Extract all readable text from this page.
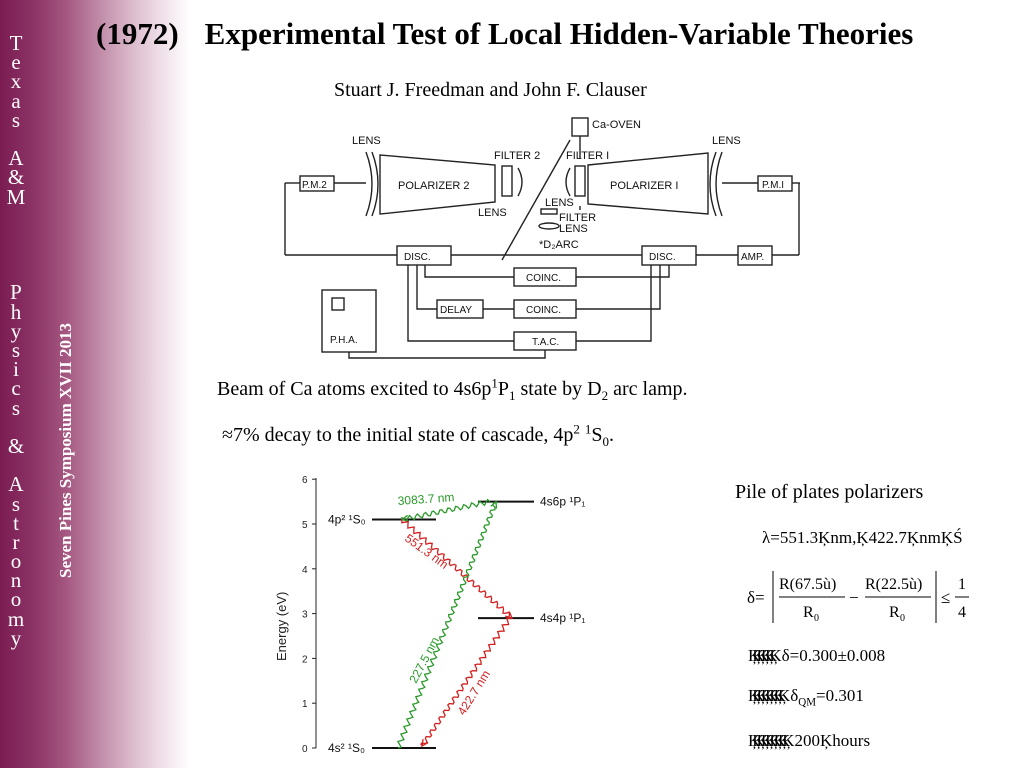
T
e
x
a
s
A
&
M
P
h
y
s
i
c
s
&
A
s
t
r
o
n
o
m
y
Seven Pines Symposium XVII 2013
(1972) Experimental Test of Local Hidden-Variable Theories
Stuart J. Freedman and John F. Clauser
LENS
FILTER 2 FILTER I
Ca-OVEN
LENS
POLARIZER 2	POLARIZER I
P.M.2	P.M.I
LENS
LENS
FILTER
LENS
*D₂ARC
DISC.	DISC.	AMP.
COINC.
COINC.
DELAY
T.A.C.
P.H.A.
Beam of Ca atoms excited to $4s6p^1P_1$ state by $D_2$ arc lamp.
≈7% decay to the initial state of cascade, $4p^2$ $^1S_0$.
0
1
2
3
4
5
6
Energy (eV)
4p² ¹S₀
4s6p ¹P₁
4s4p ¹P₁
4s² ¹S₀
3083.7 nm
551.3 nm
227.5 nm
422.7 nm
Pile of plates polarizers
λ=551.3Ķnm,Ķ422.7ĶnmĶŚ
δ=
R(67.5ù)
R 0
−
R(22.5ù)
R 0
≤
1
4
ĶĶĶĶĶĶ δ=0.300±0.008
ĶĶĶĶĶĶĶĶ $\delta_{QM}=0.301$
ĶĶĶĶĶĶĶĶĶ 200Ķhours
